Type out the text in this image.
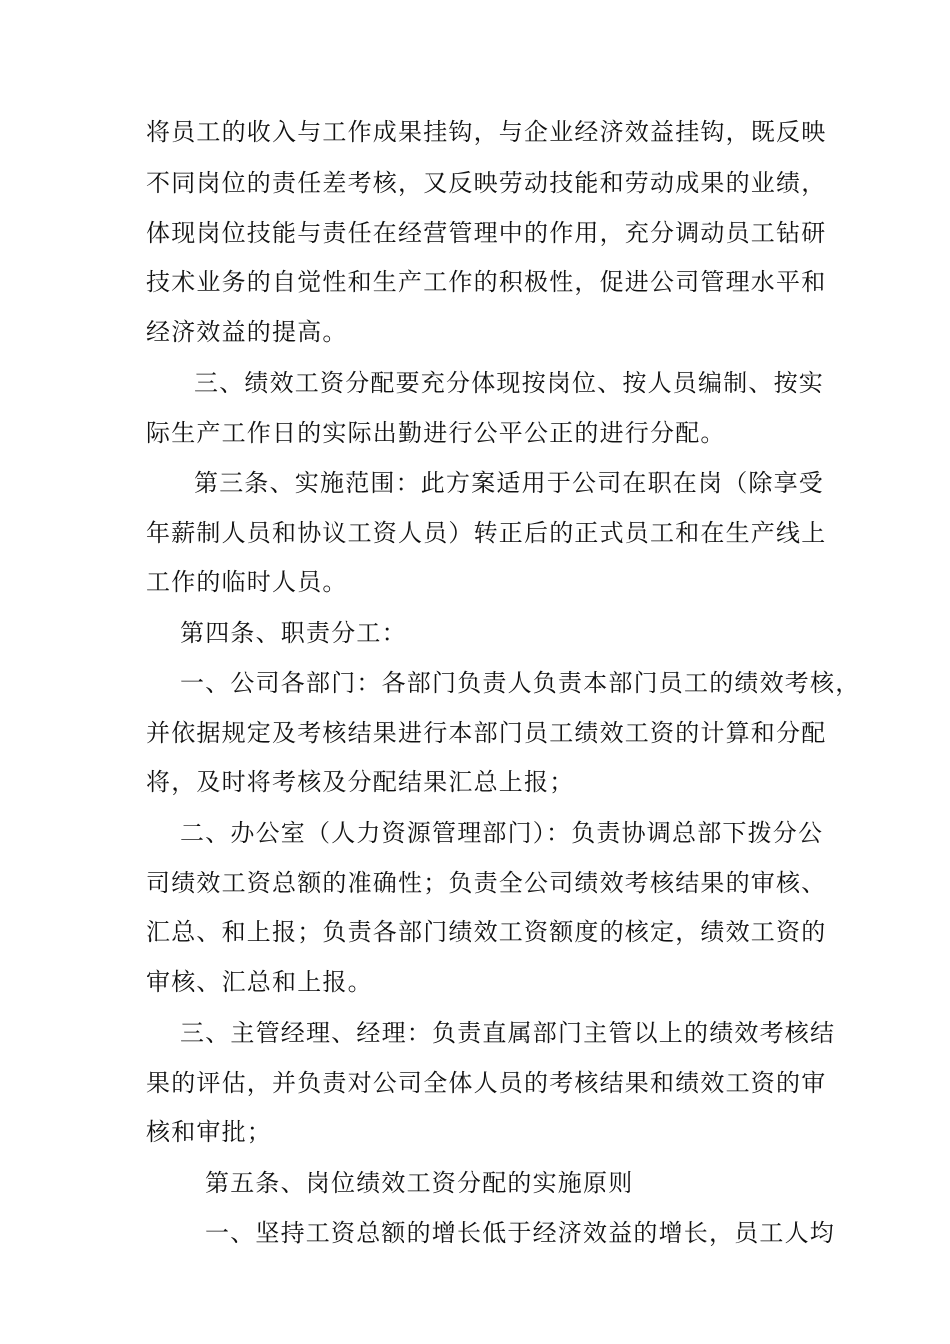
将员工的收入与工作成果挂钩，与企业经济效益挂钩，既反映
不同岗位的责任差考核，又反映劳动技能和劳动成果的业绩，
体现岗位技能与责任在经营管理中的作用，充分调动员工钻研
技术业务的自觉性和生产工作的积极性，促进公司管理水平和
经济效益的提高。
三、绩效工资分配要充分体现按岗位、按人员编制、按实
际生产工作日的实际出勤进行公平公正的进行分配。
第三条、实施范围：此方案适用于公司在职在岗（除享受
年薪制人员和协议工资人员）转正后的正式员工和在生产线上
工作的临时人员。
第四条、职责分工：
一、公司各部门：各部门负责人负责本部门员工的绩效考核，
并依据规定及考核结果进行本部门员工绩效工资的计算和分配
将，及时将考核及分配结果汇总上报；
二、办公室（人力资源管理部门）：负责协调总部下拨分公
司绩效工资总额的准确性；负责全公司绩效考核结果的审核、
汇总、和上报；负责各部门绩效工资额度的核定，绩效工资的
审核、汇总和上报。
三、主管经理、经理：负责直属部门主管以上的绩效考核结
果的评估，并负责对公司全体人员的考核结果和绩效工资的审
核和审批；
第五条、岗位绩效工资分配的实施原则
一、坚持工资总额的增长低于经济效益的增长，员工人均
